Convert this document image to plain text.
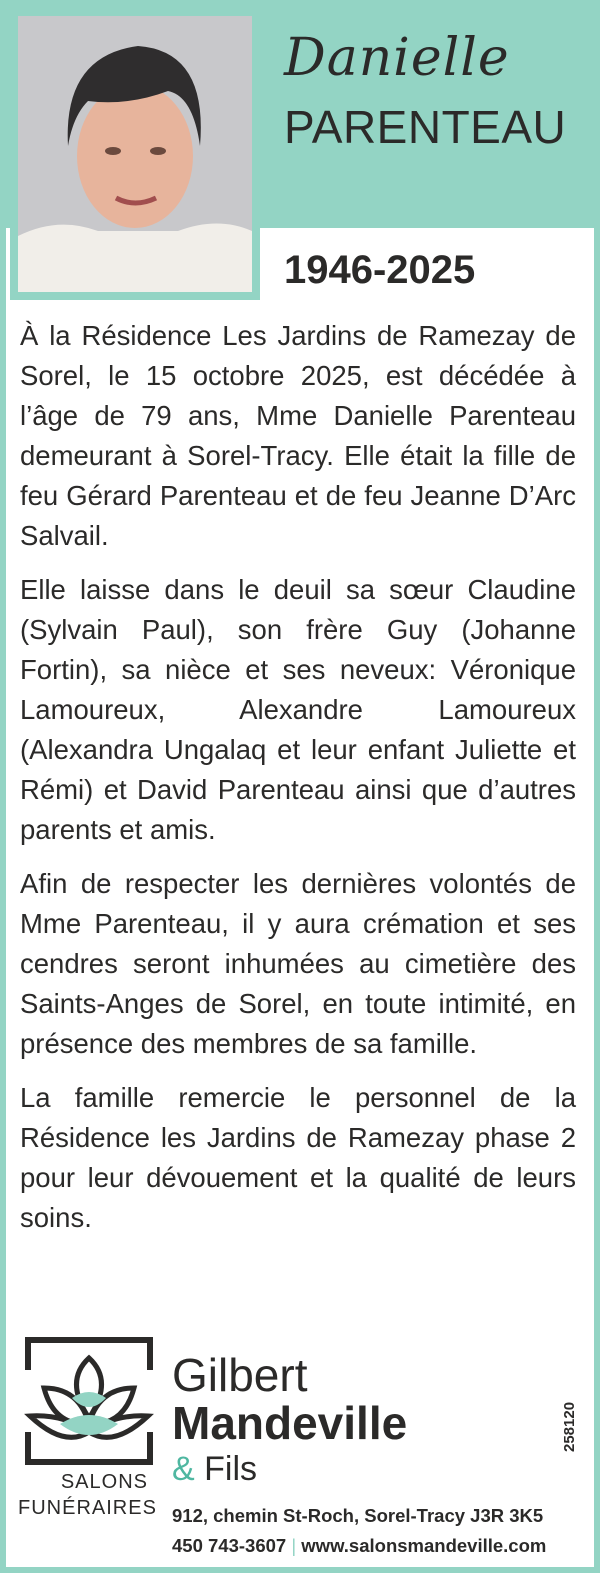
Danielle
PARENTEAU
1946-2025

À la Résidence Les Jardins de Ramezay de Sorel, le 15 octobre 2025, est décédée à l’âge de 79 ans, Mme Danielle Parenteau demeurant à Sorel-Tracy. Elle était la fille de feu Gérard Parenteau et de feu Jeanne D’Arc Salvail.

Elle laisse dans le deuil sa sœur Claudine (Sylvain Paul), son frère Guy (Johanne Fortin), sa nièce et ses neveux: Véronique Lamoureux, Alexandre Lamoureux (Alexandra Ungalaq et leur enfant Juliette et Rémi) et David Parenteau ainsi que d’autres parents et amis.

Afin de respecter les dernières volontés de Mme Parenteau, il y aura crémation et ses cendres seront inhumées au cimetière des Saints-Anges de Sorel, en toute intimité, en présence des membres de sa famille.

La famille remercie le personnel de la Résidence les Jardins de Ramezay phase 2 pour leur dévouement et la qualité de leurs soins.

Gilbert
Mandeville
& Fils
SALONS
FUNÉRAIRES 912, chemin St-Roch, Sorel-Tracy J3R 3K5
450 743-3607 | www.salonsmandeville.com
258120
